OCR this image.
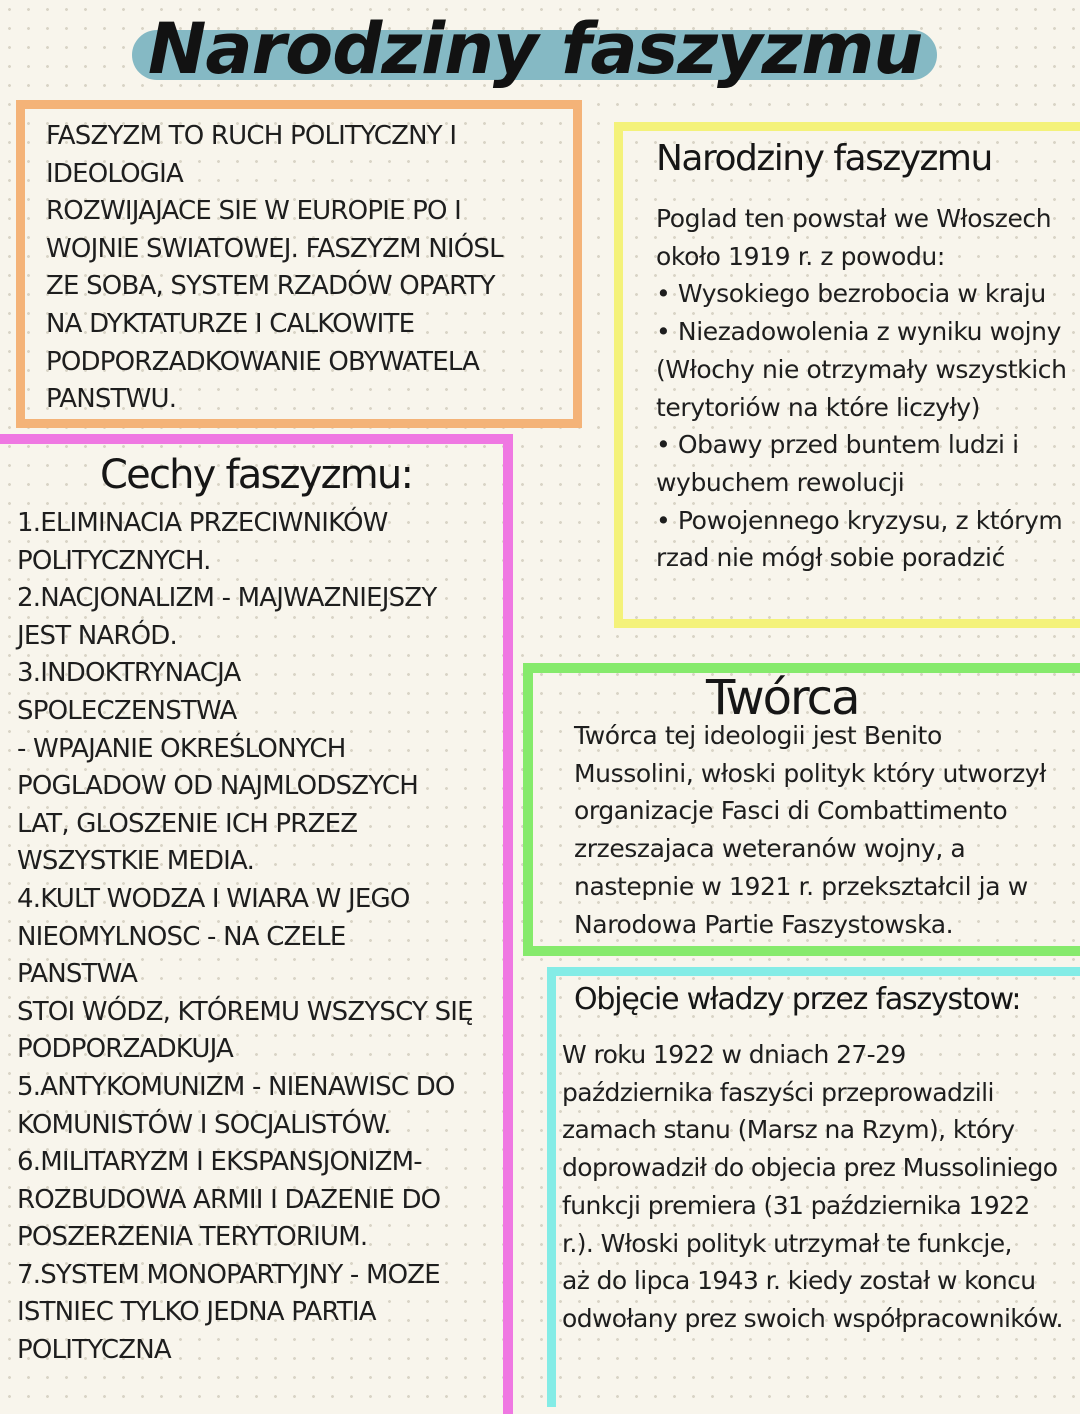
Narodziny faszyzmu
FASZYZM TO RUCH POLITYCZNY I
IDEOLOGIA
ROZWIJAJACE SIE W EUROPIE PO I
WOJNIE SWIATOWEJ. FASZYZM NIÓSL
ZE SOBA, SYSTEM RZADÓW OPARTY
NA DYKTATURZE I CALKOWITE
PODPORZADKOWANIE OBYWATELA
PANSTWU.
Narodziny faszyzmu
Poglad ten powstał we Włoszech
około 1919 r. z powodu:
• Wysokiego bezrobocia w kraju
• Niezadowolenia z wyniku wojny
(Włochy nie otrzymały wszystkich
terytoriów na które liczyły)
• Obawy przed buntem ludzi i
wybuchem rewolucji
• Powojennego kryzysu, z którym
rzad nie mógł sobie poradzić
Cechy faszyzmu:
1.ELIMINACIA PRZECIWNIKÓW
POLITYCZNYCH.
2.NACJONALIZM - MAJWAZNIEJSZY
JEST NARÓD.
3.INDOKTRYNACJA
SPOLECZENSTWA
- WPAJANIE OKREŚLONYCH
POGLADOW OD NAJMLODSZYCH
LAT, GLOSZENIE ICH PRZEZ
WSZYSTKIE MEDIA.
4.KULT WODZA I WIARA W JEGO
NIEOMYLNOSC - NA CZELE
PANSTWA
STOI WÓDZ, KTÓREMU WSZYSCY SIĘ
PODPORZADKUJA
5.ANTYKOMUNIZM - NIENAWISC DO
KOMUNISTÓW I SOCJALISTÓW.
6.MILITARYZM I EKSPANSJONIZM-
ROZBUDOWA ARMII I DAZENIE DO
POSZERZENIA TERYTORIUM.
7.SYSTEM MONOPARTYJNY - MOZE
ISTNIEC TYLKO JEDNA PARTIA
POLITYCZNA
Twórca
Twórca tej ideologii jest Benito
Mussolini, włoski polityk który utworzył
organizacje Fasci di Combattimento
zrzeszajaca weteranów wojny, a
nastepnie w 1921 r. przekształcil ja w
Narodowa Partie Faszystowska.
Objęcie władzy przez faszystow:
W roku 1922 w dniach 27-29
października faszyści przeprowadzili
zamach stanu (Marsz na Rzym), który
doprowadził do objecia prez Mussoliniego
funkcji premiera (31 października 1922
r.). Włoski polityk utrzymał te funkcje,
aż do lipca 1943 r. kiedy został w koncu
odwołany prez swoich współpracowników.
